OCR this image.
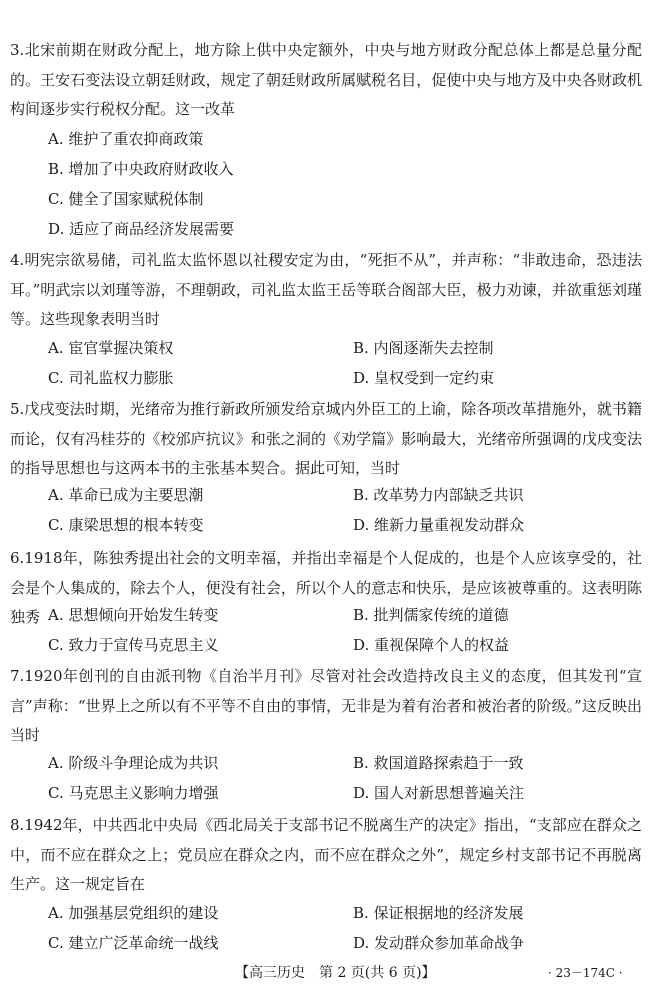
3.北宋前期在财政分配上，地方除上供中央定额外，中央与地方财政分配总体上都是总量分配的。王安石变法设立朝廷财政，规定了朝廷财政所属赋税名目，促使中央与地方及中央各财政机构间逐步实行税权分配。这一改革

A. 维护了重农抑商政策
B. 增加了中央政府财政收入
C. 健全了国家赋税体制
D. 适应了商品经济发展需要

4.明宪宗欲易储，司礼监太监怀恩以社稷安定为由，“死拒不从”，并声称：“非敢违命，恐违法耳。”明武宗以刘瑾等游，不理朝政，司礼监太监王岳等联合阁部大臣，极力劝谏，并欲重惩刘瑾等。这些现象表明当时

A. 宦官掌握决策权	B. 内阁逐渐失去控制
C. 司礼监权力膨胀	D. 皇权受到一定约束

5.戊戌变法时期，光绪帝为推行新政所颁发给京城内外臣工的上谕，除各项改革措施外，就书籍而论，仅有冯桂芬的《校邠庐抗议》和张之洞的《劝学篇》影响最大，光绪帝所强调的戊戌变法的指导思想也与这两本书的主张基本契合。据此可知，当时

A. 革命已成为主要思潮	B. 改革势力内部缺乏共识
C. 康梁思想的根本转变	D. 维新力量重视发动群众

6.1918年，陈独秀提出社会的文明幸福，并指出幸福是个人促成的，也是个人应该享受的，社会是个人集成的，除去个人，便没有社会，所以个人的意志和快乐，是应该被尊重的。这表明陈独秀 A. 思想倾向开始发生转变	B. 批判儒家传统的道德
C. 致力于宣传马克思主义	D. 重视保障个人的权益

7.1920年创刊的自由派刊物《自治半月刊》尽管对社会改造持改良主义的态度，但其发刊“宣言”声称：“世界上之所以有不平等不自由的事情，无非是为着有治者和被治者的阶级。”这反映出当时

A. 阶级斗争理论成为共识	B. 救国道路探索趋于一致
C. 马克思主义影响力增强	D. 国人对新思想普遍关注

8.1942年，中共西北中央局《西北局关于支部书记不脱离生产的决定》指出，“支部应在群众之中，而不应在群众之上；党员应在群众之内，而不应在群众之外”，规定乡村支部书记不再脱离生产。这一规定旨在

A. 加强基层党组织的建设	B. 保证根据地的经济发展
C. 建立广泛革命统一战线	D. 发动群众参加革命战争
【高三历史　第 2 页(共 6 页)】	· 23－174C ·
